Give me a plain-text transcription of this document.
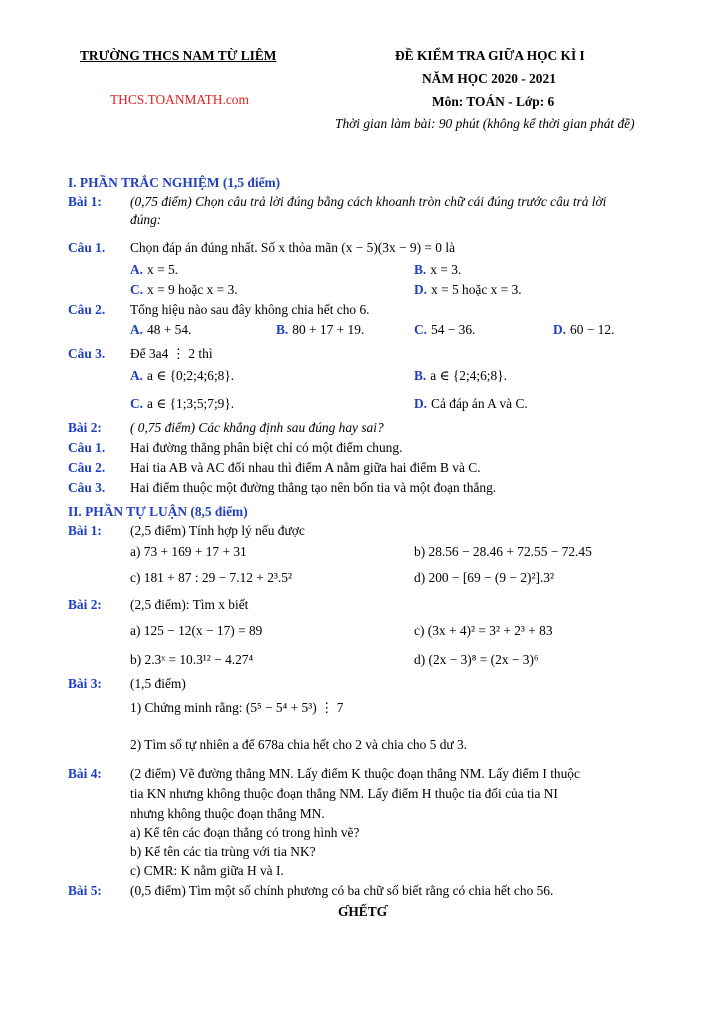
TRƯỜNG THCS NAM TỪ LIÊM
THCS.TOANMATH.com
ĐỀ KIỂM TRA GIỮA HỌC KÌ I
NĂM HỌC 2020 - 2021
Môn: TOÁN - Lớp: 6
Thời gian làm bài: 90 phút (không kể thời gian phát đề)
I. PHẦN TRẮC NGHIỆM (1,5 điểm)
Bài 1: (0,75 điểm) Chọn câu trả lời đúng bằng cách khoanh tròn chữ cái đúng trước câu trả lời
đúng:
Câu 1. Chọn đáp án đúng nhất. Số x thỏa mãn (x − 5)(3x − 9) = 0 là
A. x = 5.	B. x = 3.
C. x = 9 hoặc x = 3.	D. x = 5 hoặc x = 3.
Câu 2. Tổng hiệu nào sau đây không chia hết cho 6.
A. 48 + 54.	B. 80 + 17 + 19.	C. 54 − 36.	D. 60 − 12.
Câu 3. Để 3a4 ⋮ 2 thì
A. a ∈ {0;2;4;6;8}.	B. a ∈ {2;4;6;8}.
C. a ∈ {1;3;5;7;9}.	D. Cả đáp án A và C.
Bài 2: ( 0,75 điểm) Các khẳng định sau đúng hay sai?
Câu 1. Hai đường thẳng phân biệt chỉ có một điểm chung.
Câu 2. Hai tia AB và AC đối nhau thì điểm A nằm giữa hai điểm B và C.
Câu 3. Hai điểm thuộc một đường thẳng tạo nên bốn tia và một đoạn thẳng.
II. PHẦN TỰ LUẬN (8,5 điểm)
Bài 1: (2,5 điểm) Tính hợp lý nếu được
a) 73 + 169 + 17 + 31	b) 28.56 − 28.46 + 72.55 − 72.45
c) 181 + 87 : 29 − 7.12 + 2³.5²	d) 200 − [69 − (9 − 2)²].3²
Bài 2: (2,5 điểm): Tìm x biết
a) 125 − 12(x − 17) = 89	c) (3x + 4)² = 3² + 2³ + 83
b) 2.3ˣ = 10.3¹² − 4.27⁴	d) (2x − 3)⁸ = (2x − 3)⁶
Bài 3: (1,5 điểm)
1) Chứng minh rằng: (5⁵ − 5⁴ + 5³) ⋮ 7
2) Tìm số tự nhiên a để 678a chia hết cho 2 và chia cho 5 dư 3.
Bài 4: (2 điểm) Vẽ đường thẳng MN. Lấy điểm K thuộc đoạn thẳng NM. Lấy điểm I thuộc
tia KN nhưng không thuộc đoạn thẳng NM. Lấy điểm H thuộc tia đối của tia NI
nhưng không thuộc đoạn thẳng MN.
a) Kể tên các đoạn thẳng có trong hình vẽ?
b) Kể tên các tia trùng với tia NK?
c) CMR: K nằm giữa H và I.
Bài 5: (0,5 điểm) Tìm một số chính phương có ba chữ số biết rằng có chia hết cho 56.
ƓHẾTƓ
